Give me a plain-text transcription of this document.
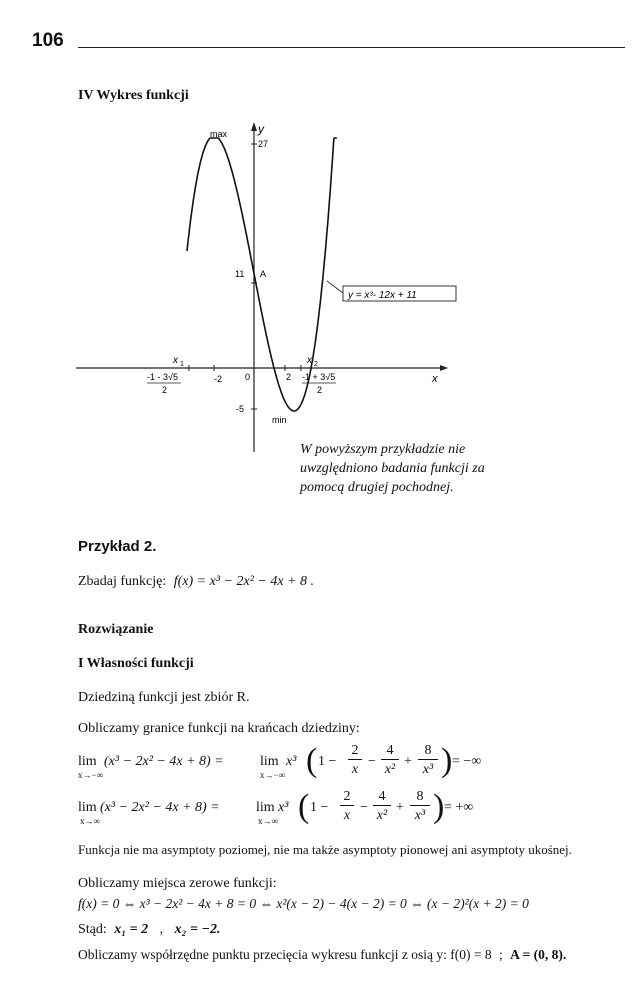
106
IV Wykres funkcji
max	y
27
11 A
-5
min
-2	0	2	x
x 1
-1 - 3√5
2
x 2
-1 + 3√5
2
y = x³- 12x + 11
W powyższym przykładzie nie uwzględniono badania funkcji za pomocą drugiej pochodnej.
Przykład 2.
Zbadaj funkcję: f(x) = x³ − 2x² − 4x + 8 .
Rozwiązanie
I Własności funkcji
Dziedziną funkcji jest zbiór R.
Obliczamy granice funkcji na krańcach dziedziny:
lim
x→−∞
(x³ − 2x² − 4x + 8) =	lim
x→−∞
x³ ( 1 −
2
x
−
4
x²
+
8
x³ ) = −∞
lim
x→∞
(x³ − 2x² − 4x + 8) =	lim
x→∞
x³ ( 1 −
2
x
−
4
x²
+
8
x³ ) = +∞
Funkcja nie ma asymptoty poziomej, nie ma także asymptoty pionowej ani asymptoty ukośnej.
Obliczamy miejsca zerowe funkcji:
f(x) = 0 ⇔ x³ − 2x² − 4x + 8 = 0 ⇔ x²(x − 2) − 4(x − 2) = 0 ⇔ (x − 2)²(x + 2) = 0
Stąd: x₁ = 2 , x₂ = −2.
Obliczamy współrzędne punktu przecięcia wykresu funkcji z osią y: f(0) = 8 ; A = (0, 8).
